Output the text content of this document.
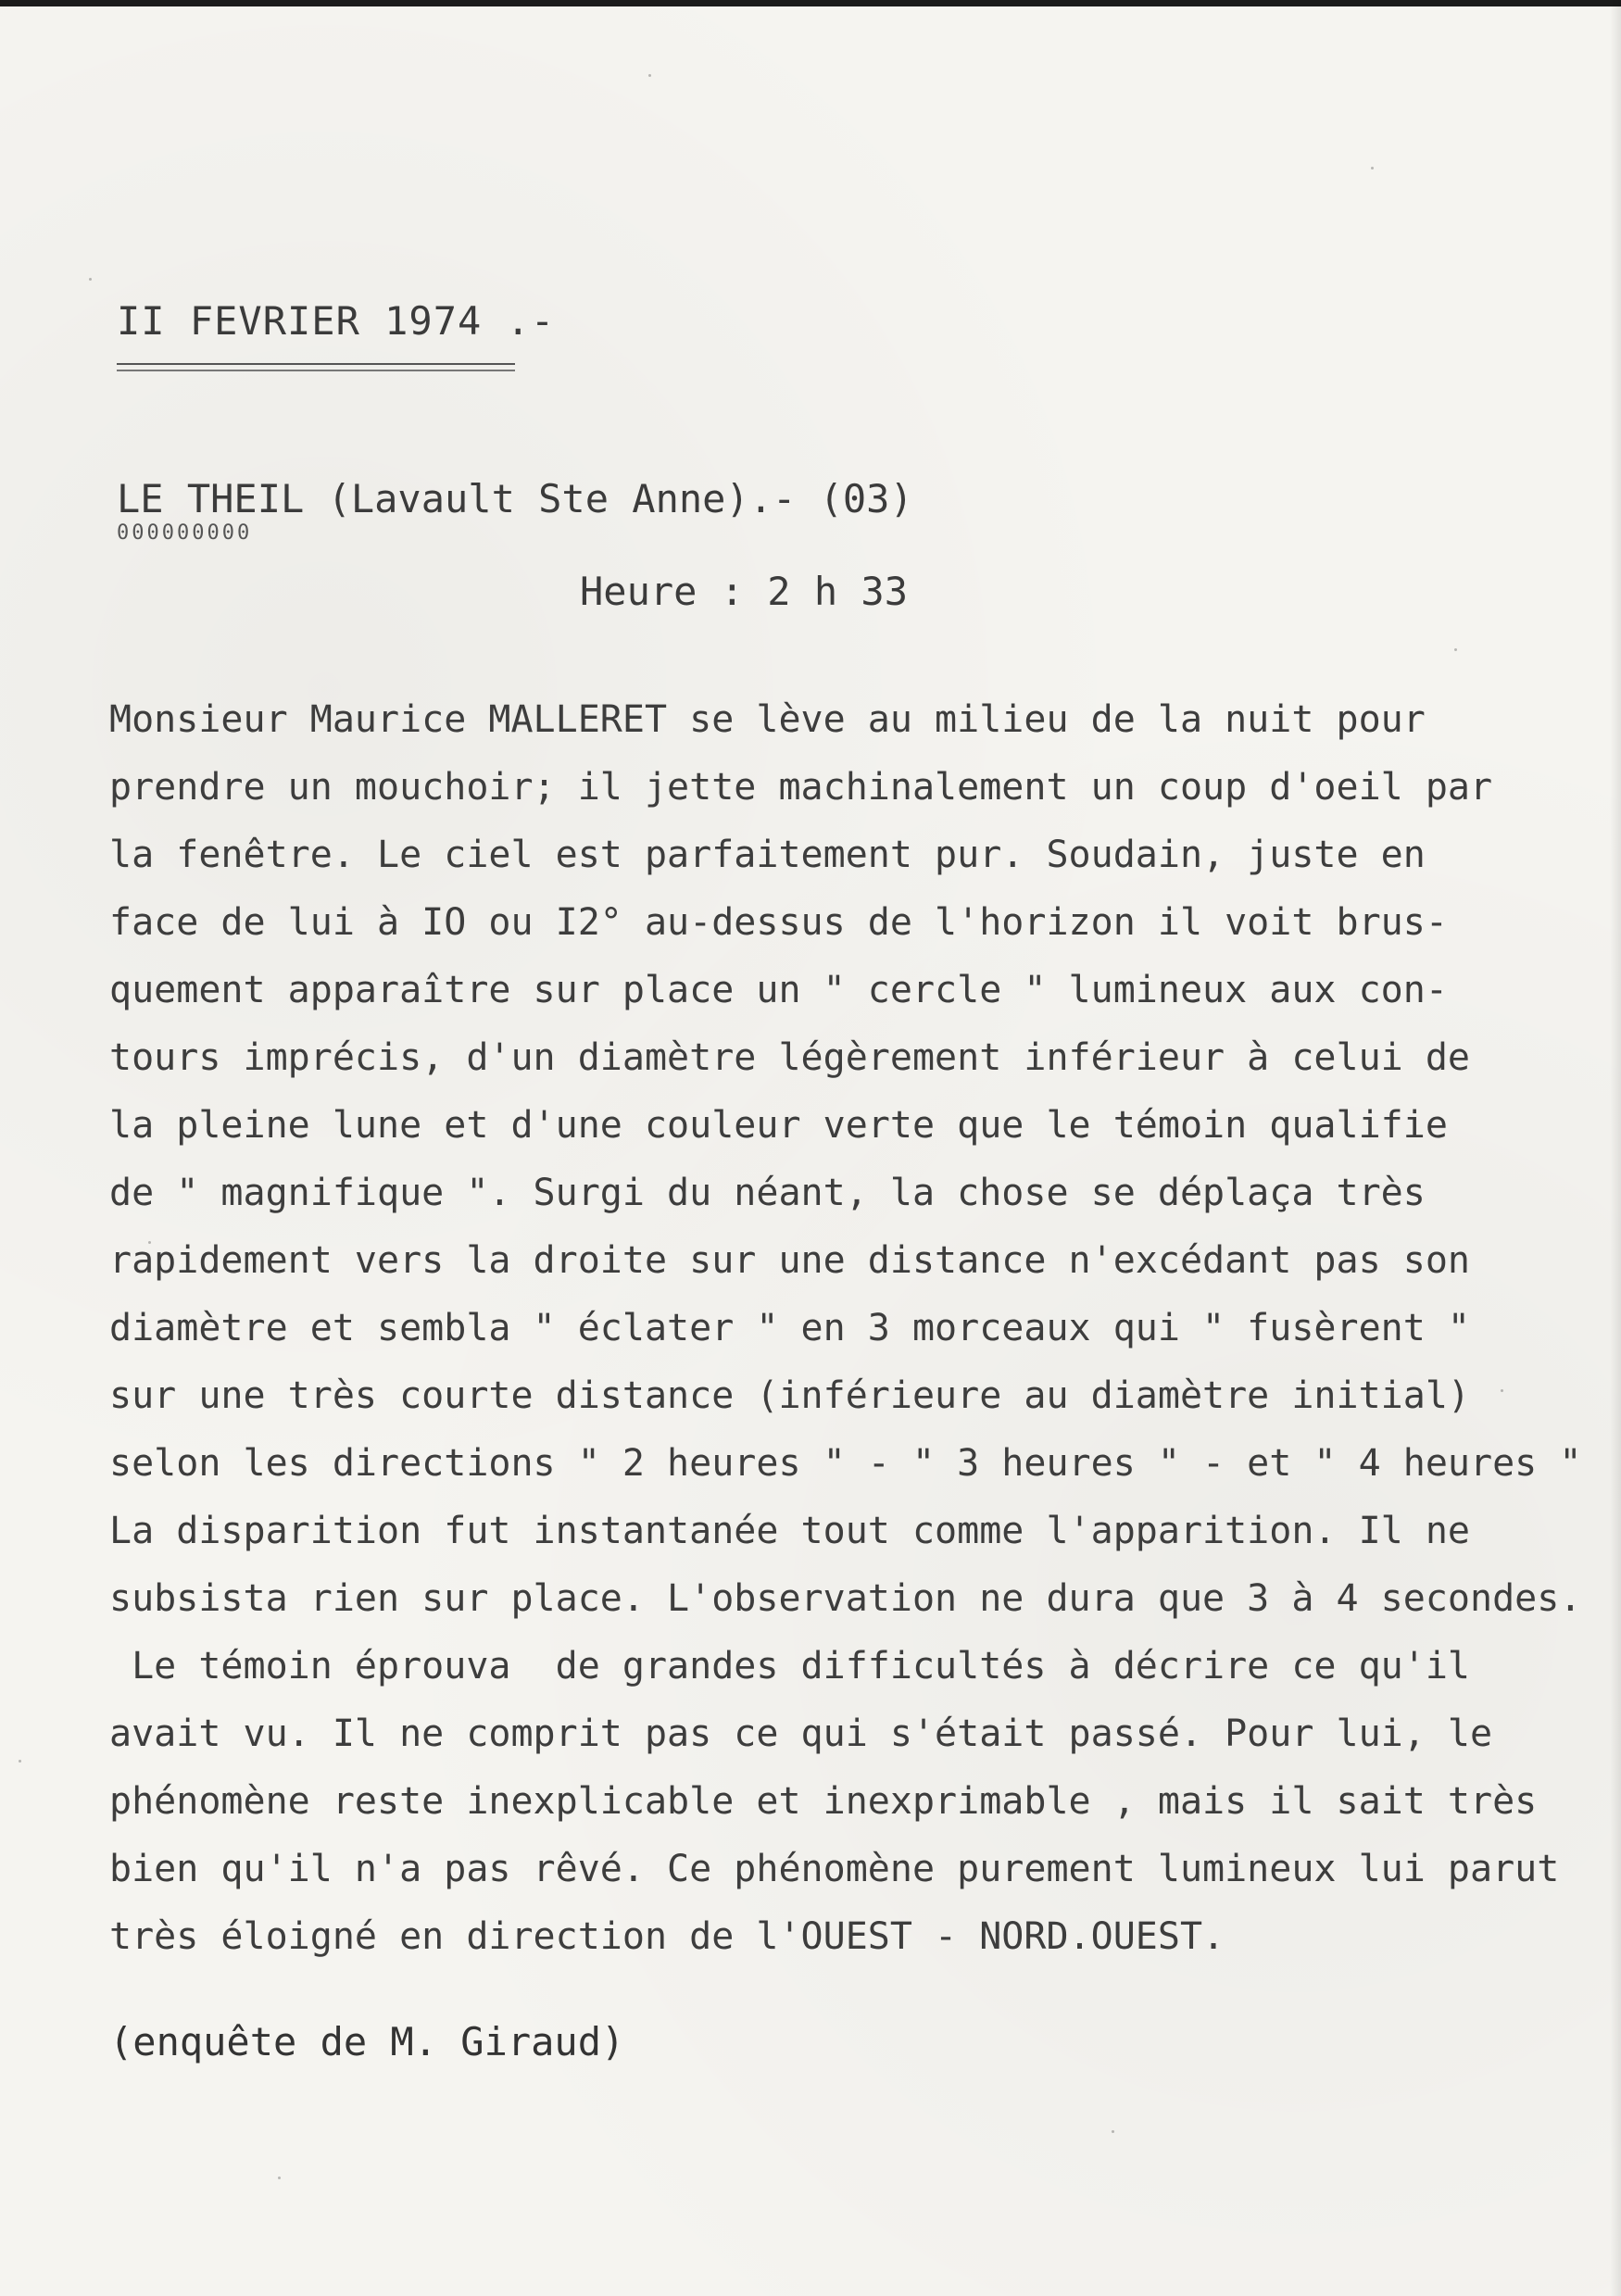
II FEVRIER 1974 .-
LE THEIL (Lavault Ste Anne).- (03)
000000000
Heure : 2 h 33
Monsieur Maurice MALLERET se lève au milieu de la nuit pour
prendre un mouchoir; il jette machinalement un coup d'oeil par
la fenêtre. Le ciel est parfaitement pur. Soudain, juste en
face de lui à IO ou I2° au-dessus de l'horizon il voit brus-
quement apparaître sur place un " cercle " lumineux aux con-
tours imprécis, d'un diamètre légèrement inférieur à celui de
la pleine lune et d'une couleur verte que le témoin qualifie
de " magnifique ". Surgi du néant, la chose se déplaça très
rapidement vers la droite sur une distance n'excédant pas son
diamètre et sembla " éclater " en 3 morceaux qui " fusèrent "
sur une très courte distance (inférieure au diamètre initial)
selon les directions " 2 heures " - " 3 heures " - et " 4 heures "
La disparition fut instantanée tout comme l'apparition. Il ne
subsista rien sur place. L'observation ne dura que 3 à 4 secondes.
Le témoin éprouva  de grandes difficultés à décrire ce qu'il
avait vu. Il ne comprit pas ce qui s'était passé. Pour lui, le
phénomène reste inexplicable et inexprimable , mais il sait très
bien qu'il n'a pas rêvé. Ce phénomène purement lumineux lui parut
très éloigné en direction de l'OUEST - NORD.OUEST.
(enquête de M. Giraud)
